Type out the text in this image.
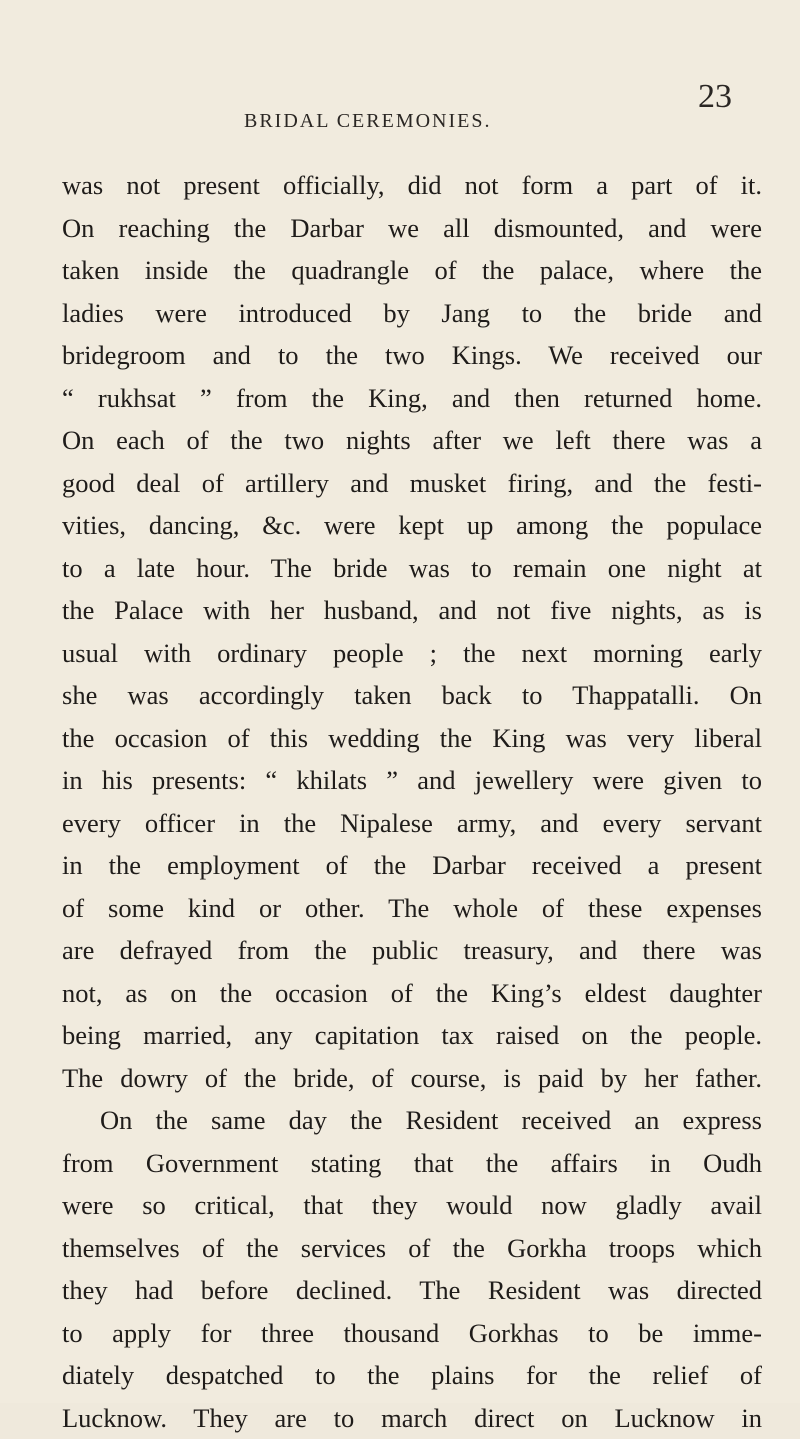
BRIDAL CEREMONIES.
23
was not present officially, did not form a part of it.
On reaching the Darbar we all dismounted, and were
taken inside the quadrangle of the palace, where the
ladies were introduced by Jang to the bride and
bridegroom and to the two Kings. We received our
“ rukhsat ” from the King, and then returned home.
On each of the two nights after we left there was a
good deal of artillery and musket firing, and the festi-
vities, dancing, &c. were kept up among the populace
to a late hour. The bride was to remain one night at
the Palace with her husband, and not five nights, as is
usual with ordinary people ; the next morning early
she was accordingly taken back to Thappatalli. On
the occasion of this wedding the King was very liberal
in his presents: “ khilats ” and jewellery were given to
every officer in the Nipalese army, and every servant
in the employment of the Darbar received a present
of some kind or other. The whole of these expenses
are defrayed from the public treasury, and there was
not, as on the occasion of the King’s eldest daughter
being married, any capitation tax raised on the people.
The dowry of the bride, of course, is paid by her father.
On the same day the Resident received an express
from Government stating that the affairs in Oudh
were so critical, that they would now gladly avail
themselves of the services of the Gorkha troops which
they had before declined. The Resident was directed
to apply for three thousand Gorkhas to be imme-
diately despatched to the plains for the relief of
Lucknow. They are to march direct on Lucknow in
